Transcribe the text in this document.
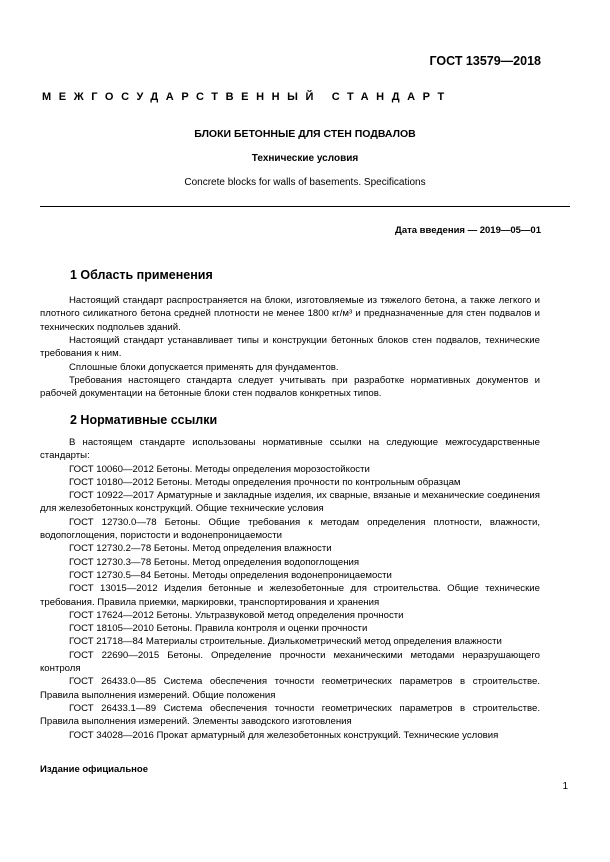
ГОСТ 13579—2018
МЕЖГОСУДАРСТВЕННЫЙ СТАНДАРТ
БЛОКИ БЕТОННЫЕ ДЛЯ СТЕН ПОДВАЛОВ
Технические условия
Concrete blocks for walls of basements. Specifications
Дата введения — 2019—05—01
1 Область применения

Настоящий стандарт распространяется на блоки, изготовляемые из тяжелого бетона, а также легкого и плотного силикатного бетона средней плотности не менее 1800 кг/м³ и предназначенные для стен подвалов и технических подпольев зданий.

Настоящий стандарт устанавливает типы и конструкции бетонных блоков стен подвалов, технические требования к ним.

Сплошные блоки допускается применять для фундаментов.

Требования настоящего стандарта следует учитывать при разработке нормативных документов и рабочей документации на бетонные блоки стен подвалов конкретных типов.

2 Нормативные ссылки

В настоящем стандарте использованы нормативные ссылки на следующие межгосударственные стандарты:

ГОСТ 10060—2012 Бетоны. Методы определения морозостойкости

ГОСТ 10180—2012 Бетоны. Методы определения прочности по контрольным образцам

ГОСТ 10922—2017 Арматурные и закладные изделия, их сварные, вязаные и механические соединения для железобетонных конструкций. Общие технические условия

ГОСТ 12730.0—78 Бетоны. Общие требования к методам определения плотности, влажности, водопоглощения, пористости и водонепроницаемости

ГОСТ 12730.2—78 Бетоны. Метод определения влажности

ГОСТ 12730.3—78 Бетоны. Метод определения водопоглощения

ГОСТ 12730.5—84 Бетоны. Методы определения водонепроницаемости

ГОСТ 13015—2012 Изделия бетонные и железобетонные для строительства. Общие технические требования. Правила приемки, маркировки, транспортирования и хранения

ГОСТ 17624—2012 Бетоны. Ультразвуковой метод определения прочности

ГОСТ 18105—2010 Бетоны. Правила контроля и оценки прочности

ГОСТ 21718—84 Материалы строительные. Диэлькометрический метод определения влажности

ГОСТ 22690—2015 Бетоны. Определение прочности механическими методами неразрушающего контроля

ГОСТ 26433.0—85 Система обеспечения точности геометрических параметров в строительстве. Правила выполнения измерений. Общие положения

ГОСТ 26433.1—89 Система обеспечения точности геометрических параметров в строительстве. Правила выполнения измерений. Элементы заводского изготовления

ГОСТ 34028—2016 Прокат арматурный для железобетонных конструкций. Технические условия

Издание официальное
1
